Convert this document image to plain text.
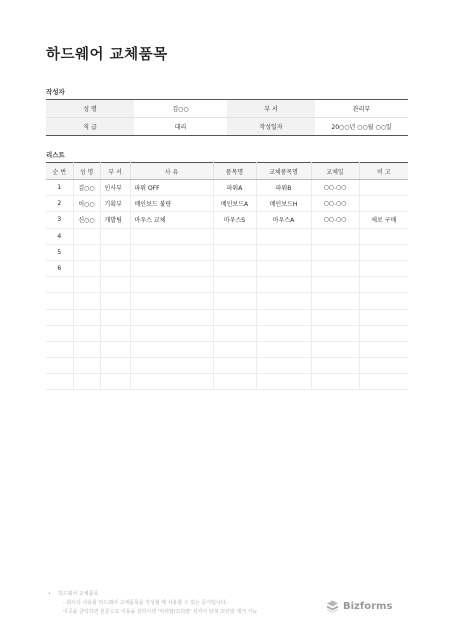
하드웨어 교체품목
작성자
성 명	김○○	부 서	관리부
직 급	대리	작성일자	20○○년 ○○월 ○○일
리스트
순 번	성 명	부 서	사 유	품목명	교체품목명	교체일	비 고
1	김○○	인사부	파워 OFF	파워A	파워B	○○.○○	
2	이○○	기획부	메인보드 불량	메인보드A	메인보드H	○○.○○	
3	신○○	개발팀	마우스 교체	마우스S	마우스A	○○.○○	새로 구매
4							
5							
6							

• 하드웨어 교체품목
- 회사의 사용할 하드웨어 교체품목을 작성할 때 사용할 수 있는 문서입니다.
이곳을 클릭하면 원문으로 이동을 원하시면 '머리말/꼬리말' 상자가 닫혀 꼬리말 제거 가능	Bizforms
